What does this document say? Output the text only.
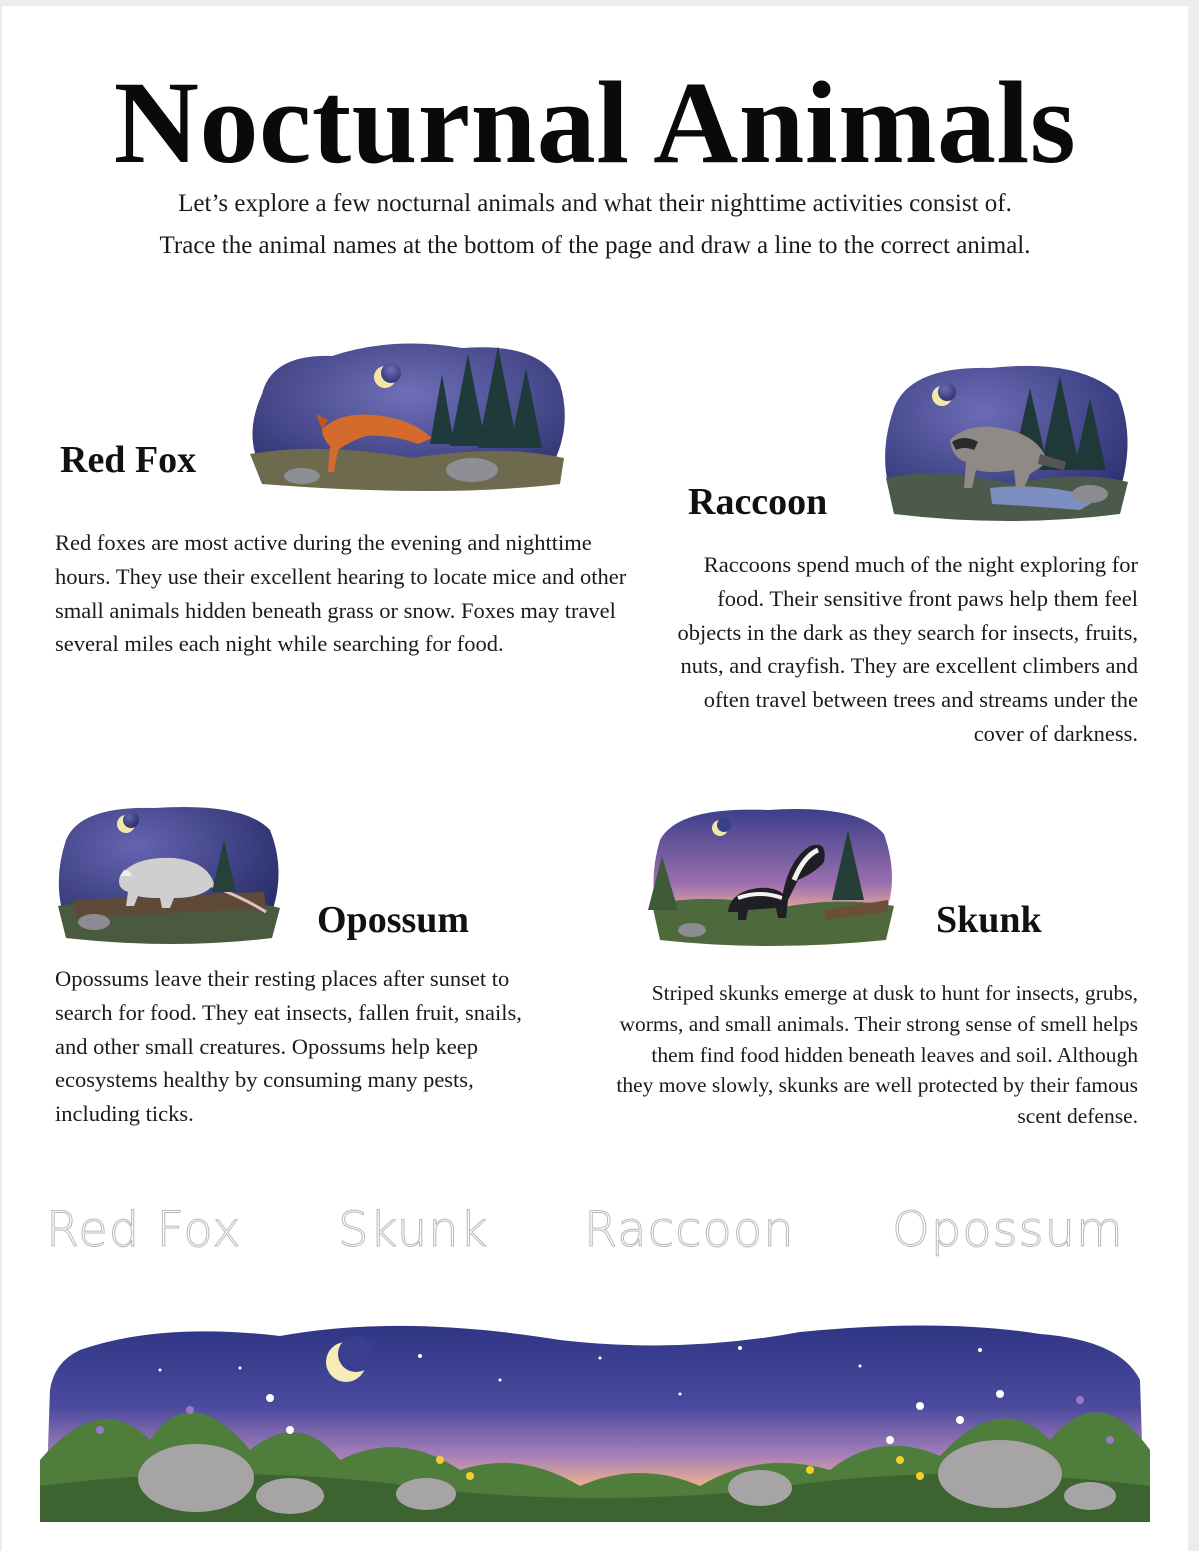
Nocturnal Animals

Let’s explore a few nocturnal animals and what their nighttime activities consist of.

Trace the animal names at the bottom of the page and draw a line to the correct animal.

Red Fox

Red foxes are most active during the evening and nighttime hours. They use their excellent hearing to locate mice and other small animals hidden beneath grass or snow. Foxes may travel several miles each night while searching for food.

Raccoon

Raccoons spend much of the night exploring for food. Their sensitive front paws help them feel objects in the dark as they search for insects, fruits, nuts, and crayfish. They are excellent climbers and often travel between trees and streams under the cover of darkness.

Opossum

Opossums leave their resting places after sunset to search for food. They eat insects, fallen fruit, snails, and other small creatures. Opossums help keep ecosystems healthy by consuming many pests, including ticks.

Skunk

Striped skunks emerge at dusk to hunt for insects, grubs, worms, and small animals. Their strong sense of smell helps them find food hidden beneath leaves and soil. Although they move slowly, skunks are well protected by their famous scent defense.

Red Fox Skunk Raccoon Opossum
